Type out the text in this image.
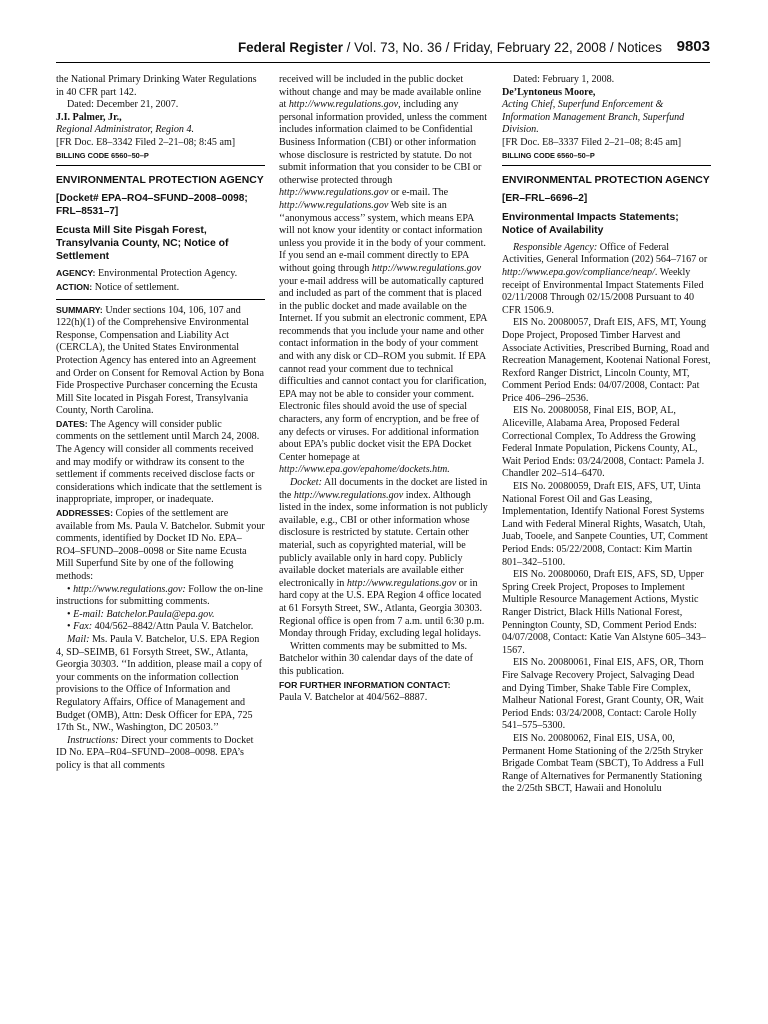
Federal Register / Vol. 73, No. 36 / Friday, February 22, 2008 / Notices 9803

the National Primary Drinking Water Regulations in 40 CFR part 142.

Dated: December 21, 2007.

J.I. Palmer, Jr.,

Regional Administrator, Region 4.

[FR Doc. E8–3342 Filed 2–21–08; 8:45 am]

BILLING CODE 6560–50–P

ENVIRONMENTAL PROTECTION AGENCY

[Docket# EPA–RO4–SFUND–2008–0098; FRL–8531–7]

Ecusta Mill Site Pisgah Forest, Transylvania County, NC; Notice of Settlement

AGENCY: Environmental Protection Agency.

ACTION: Notice of settlement.

SUMMARY: Under sections 104, 106, 107 and 122(h)(1) of the Comprehensive Environmental Response, Compensation and Liability Act (CERCLA), the United States Environmental Protection Agency has entered into an Agreement and Order on Consent for Removal Action by Bona Fide Prospective Purchaser concerning the Ecusta Mill Site located in Pisgah Forest, Transylvania County, North Carolina.

DATES: The Agency will consider public comments on the settlement until March 24, 2008. The Agency will consider all comments received and may modify or withdraw its consent to the settlement if comments received disclose facts or considerations which indicate that the settlement is inappropriate, improper, or inadequate.

ADDRESSES: Copies of the settlement are available from Ms. Paula V. Batchelor. Submit your comments, identified by Docket ID No. EPA–RO4–SFUND–2008–0098 or Site name Ecusta Mill Superfund Site by one of the following methods:

• http://www.regulations.gov: Follow the on-line instructions for submitting comments.

• E-mail: Batchelor.Paula@epa.gov.

• Fax: 404/562–8842/Attn Paula V. Batchelor.

Mail: Ms. Paula V. Batchelor, U.S. EPA Region 4, SD–SEIMB, 61 Forsyth Street, SW., Atlanta, Georgia 30303. ‘‘In addition, please mail a copy of your comments on the information collection provisions to the Office of Information and Regulatory Affairs, Office of Management and Budget (OMB), Attn: Desk Officer for EPA, 725 17th St., NW., Washington, DC 20503.’’

Instructions: Direct your comments to Docket ID No. EPA–R04–SFUND–2008–0098. EPA’s policy is that all comments

received will be included in the public docket without change and may be made available online at http://www.regulations.gov, including any personal information provided, unless the comment includes information claimed to be Confidential Business Information (CBI) or other information whose disclosure is restricted by statute. Do not submit information that you consider to be CBI or otherwise protected through http://www.regulations.gov or e-mail. The http://www.regulations.gov Web site is an ‘‘anonymous access’’ system, which means EPA will not know your identity or contact information unless you provide it in the body of your comment. If you send an e-mail comment directly to EPA without going through http://www.regulations.gov your e-mail address will be automatically captured and included as part of the comment that is placed in the public docket and made available on the Internet. If you submit an electronic comment, EPA recommends that you include your name and other contact information in the body of your comment and with any disk or CD–ROM you submit. If EPA cannot read your comment due to technical difficulties and cannot contact you for clarification, EPA may not be able to consider your comment. Electronic files should avoid the use of special characters, any form of encryption, and be free of any defects or viruses. For additional information about EPA’s public docket visit the EPA Docket Center homepage at http://www.epa.gov/epahome/dockets.htm.

Docket: All documents in the docket are listed in the http://www.regulations.gov index. Although listed in the index, some information is not publicly available, e.g., CBI or other information whose disclosure is restricted by statute. Certain other material, such as copyrighted material, will be publicly available only in hard copy. Publicly available docket materials are available either electronically in http://www.regulations.gov or in hard copy at the U.S. EPA Region 4 office located at 61 Forsyth Street, SW., Atlanta, Georgia 30303. Regional office is open from 7 a.m. until 6:30 p.m. Monday through Friday, excluding legal holidays.

Written comments may be submitted to Ms. Batchelor within 30 calendar days of the date of this publication.

FOR FURTHER INFORMATION CONTACT:

Paula V. Batchelor at 404/562–8887.

Dated: February 1, 2008.

De’Lyntoneus Moore,

Acting Chief, Superfund Enforcement & Information Management Branch, Superfund Division.

[FR Doc. E8–3337 Filed 2–21–08; 8:45 am]

BILLING CODE 6560–50–P

ENVIRONMENTAL PROTECTION AGENCY

[ER–FRL–6696–2]

Environmental Impacts Statements; Notice of Availability

Responsible Agency: Office of Federal Activities, General Information (202) 564–7167 or http://www.epa.gov/compliance/neap/. Weekly receipt of Environmental Impact Statements Filed 02/11/2008 Through 02/15/2008 Pursuant to 40 CFR 1506.9.

EIS No. 20080057, Draft EIS, AFS, MT, Young Dope Project, Proposed Timber Harvest and Associate Activities, Prescribed Burning, Road and Recreation Management, Kootenai National Forest, Rexford Ranger District, Lincoln County, MT, Comment Period Ends: 04/07/2008, Contact: Pat Price 406–296–2536.

EIS No. 20080058, Final EIS, BOP, AL, Aliceville, Alabama Area, Proposed Federal Correctional Complex, To Address the Growing Federal Inmate Population, Pickens County, AL, Wait Period Ends: 03/24/2008, Contact: Pamela J. Chandler 202–514–6470.

EIS No. 20080059, Draft EIS, AFS, UT, Uinta National Forest Oil and Gas Leasing, Implementation, Identify National Forest Systems Land with Federal Mineral Rights, Wasatch, Utah, Juab, Tooele, and Sanpete Counties, UT, Comment Period Ends: 05/22/2008, Contact: Kim Martin 801–342–5100.

EIS No. 20080060, Draft EIS, AFS, SD, Upper Spring Creek Project, Proposes to Implement Multiple Resource Management Actions, Mystic Ranger District, Black Hills National Forest, Pennington County, SD, Comment Period Ends: 04/07/2008, Contact: Katie Van Alstyne 605–343–1567.

EIS No. 20080061, Final EIS, AFS, OR, Thorn Fire Salvage Recovery Project, Salvaging Dead and Dying Timber, Shake Table Fire Complex, Malheur National Forest, Grant County, OR, Wait Period Ends: 03/24/2008, Contact: Carole Holly 541–575–5300.

EIS No. 20080062, Final EIS, USA, 00, Permanent Home Stationing of the 2/25th Stryker Brigade Combat Team (SBCT), To Address a Full Range of Alternatives for Permanently Stationing the 2/25th SBCT, Hawaii and Honolulu
